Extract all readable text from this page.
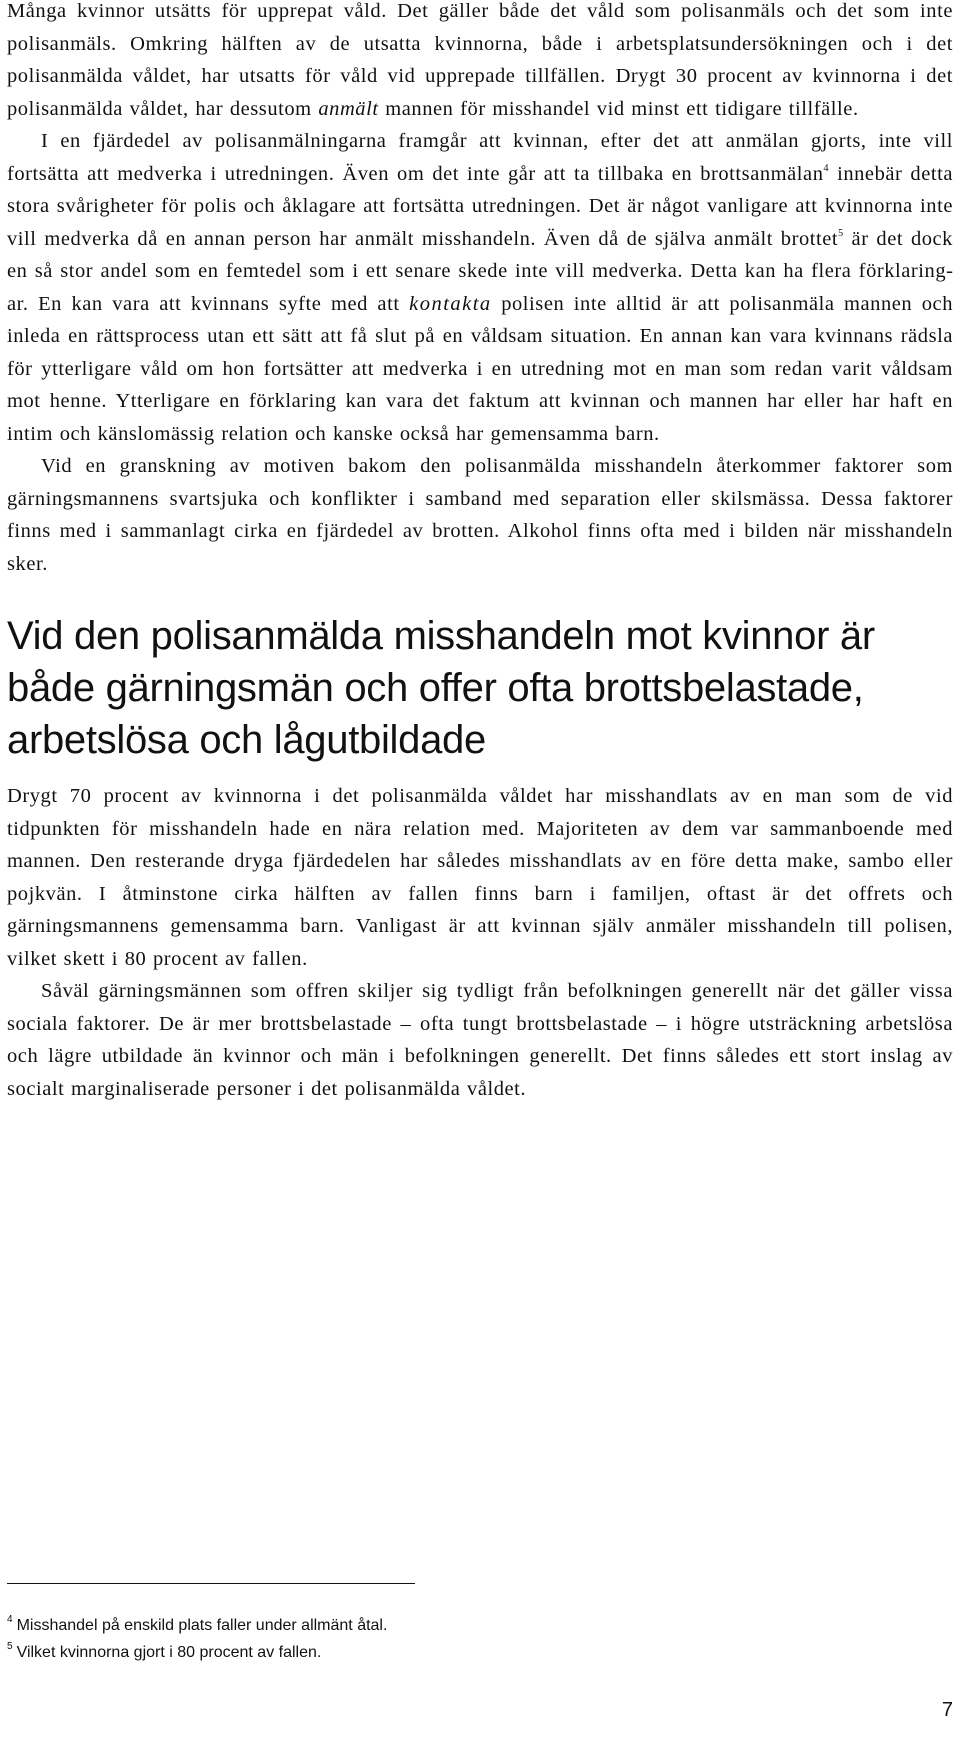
Många kvinnor utsätts för upprepat våld. Det gäller både det våld som polisanmäls och det som inte polisanmäls. Omkring hälften av de utsatta kvinnorna, både i arbetsplatsundersökningen och i det polisanmälda våldet, har utsatts för våld vid upprepade tillfällen. Drygt 30 procent av kvinnorna i det polisanmälda våldet, har dessutom anmält mannen för misshandel vid minst ett tidigare tillfälle.

I en fjärdedel av polisanmälningarna framgår att kvinnan, efter det att anmälan gjorts, inte vill fortsätta att medverka i utredningen. Även om det inte går att ta tillbaka en brottsanmälan$^4$ innebär detta stora svårigheter för polis och åklagare att fortsätta utredningen. Det är något vanligare att kvinnorna inte vill medverka då en annan person har anmält misshandeln. Även då de själva anmält brottet$^5$ är det dock en så stor andel som en femtedel som i ett senare skede inte vill medverka. Detta kan ha flera förklaringar. En kan vara att kvinnans syfte med att kontakta polisen inte alltid är att polisanmäla mannen och inleda en rättsprocess utan ett sätt att få slut på en våldsam situation. En annan kan vara kvinnans rädsla för ytterligare våld om hon fortsätter att medverka i en utredning mot en man som redan varit våldsam mot henne. Ytterligare en förklaring kan vara det faktum att kvinnan och mannen har eller har haft en intim och känslomässig relation och kanske också har gemensamma barn.

Vid en granskning av motiven bakom den polisanmälda misshandeln återkommer faktorer som gärningsmannens svartsjuka och konflikter i samband med separation eller skilsmässa. Dessa faktorer finns med i sammanlagt cirka en fjärdedel av brotten. Alkohol finns ofta med i bilden när misshandeln sker.

Vid den polisanmälda misshandeln mot kvinnor är både gärningsmän och offer ofta brottsbelastade, arbetslösa och lågutbildade

Drygt 70 procent av kvinnorna i det polisanmälda våldet har misshandlats av en man som de vid tidpunkten för misshandeln hade en nära relation med. Majoriteten av dem var sammanboende med mannen. Den resterande dryga fjärdedelen har således misshandlats av en före detta make, sambo eller pojkvän. I åtminstone cirka hälften av fallen finns barn i familjen, oftast är det offrets och gärningsmannens gemensamma barn. Vanligast är att kvinnan själv anmäler misshandeln till polisen, vilket skett i 80 procent av fallen.

Såväl gärningsmännen som offren skiljer sig tydligt från befolkningen generellt när det gäller vissa sociala faktorer. De är mer brottsbelastade – ofta tungt brottsbelastade – i högre utsträckning arbetslösa och lägre utbildade än kvinnor och män i befolkningen generellt. Det finns således ett stort inslag av socialt marginaliserade personer i det polisanmälda våldet.

$^4$ Misshandel på enskild plats faller under allmänt åtal.

$^5$ Vilket kvinnorna gjort i 80 procent av fallen.

7
